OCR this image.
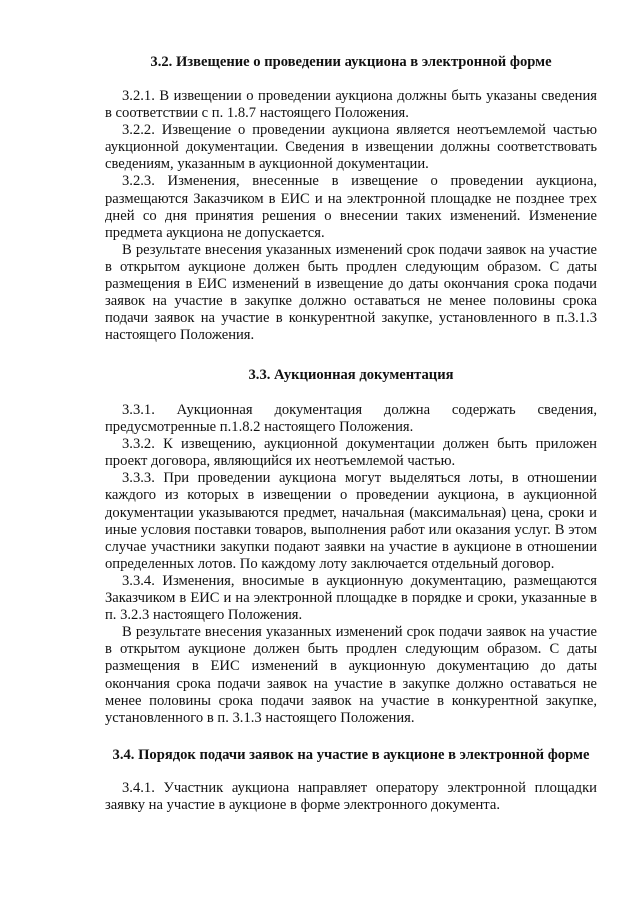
3.2. Извещение о проведении аукциона в электронной форме

3.2.1. В извещении о проведении аукциона должны быть указаны сведения в соответствии с п. 1.8.7 настоящего Положения.

3.2.2. Извещение о проведении аукциона является неотъемлемой частью аукционной документации. Сведения в извещении должны соответствовать сведениям, указанным в аукционной документации.

3.2.3. Изменения, внесенные в извещение о проведении аукциона, размещаются Заказчиком в ЕИС и на электронной площадке не позднее трех дней со дня принятия решения о внесении таких изменений. Изменение предмета аукциона не допускается.

В результате внесения указанных изменений срок подачи заявок на участие в открытом аукционе должен быть продлен следующим образом. С даты размещения в ЕИС изменений в извещение до даты окончания срока подачи заявок на участие в закупке должно оставаться не менее половины срока подачи заявок на участие в конкурентной закупке, установленного в п.3.1.3 настоящего Положения.

3.3. Аукционная документация

3.3.1. Аукционная документация должна содержать сведения, предусмотренные п.1.8.2 настоящего Положения.

3.3.2. К извещению, аукционной документации должен быть приложен проект договора, являющийся их неотъемлемой частью.

3.3.3. При проведении аукциона могут выделяться лоты, в отношении каждого из которых в извещении о проведении аукциона, в аукционной документации указываются предмет, начальная (максимальная) цена, сроки и иные условия поставки товаров, выполнения работ или оказания услуг. В этом случае участники закупки подают заявки на участие в аукционе в отношении определенных лотов. По каждому лоту заключается отдельный договор.

3.3.4. Изменения, вносимые в аукционную документацию, размещаются Заказчиком в ЕИС и на электронной площадке в порядке и сроки, указанные в п. 3.2.3 настоящего Положения.

В результате внесения указанных изменений срок подачи заявок на участие в открытом аукционе должен быть продлен следующим образом. С даты размещения в ЕИС изменений в аукционную документацию до даты окончания срока подачи заявок на участие в закупке должно оставаться не менее половины срока подачи заявок на участие в конкурентной закупке, установленного в п. 3.1.3 настоящего Положения.

3.4. Порядок подачи заявок на участие в аукционе в электронной форме

3.4.1. Участник аукциона направляет оператору электронной площадки заявку на участие в аукционе в форме электронного документа.
